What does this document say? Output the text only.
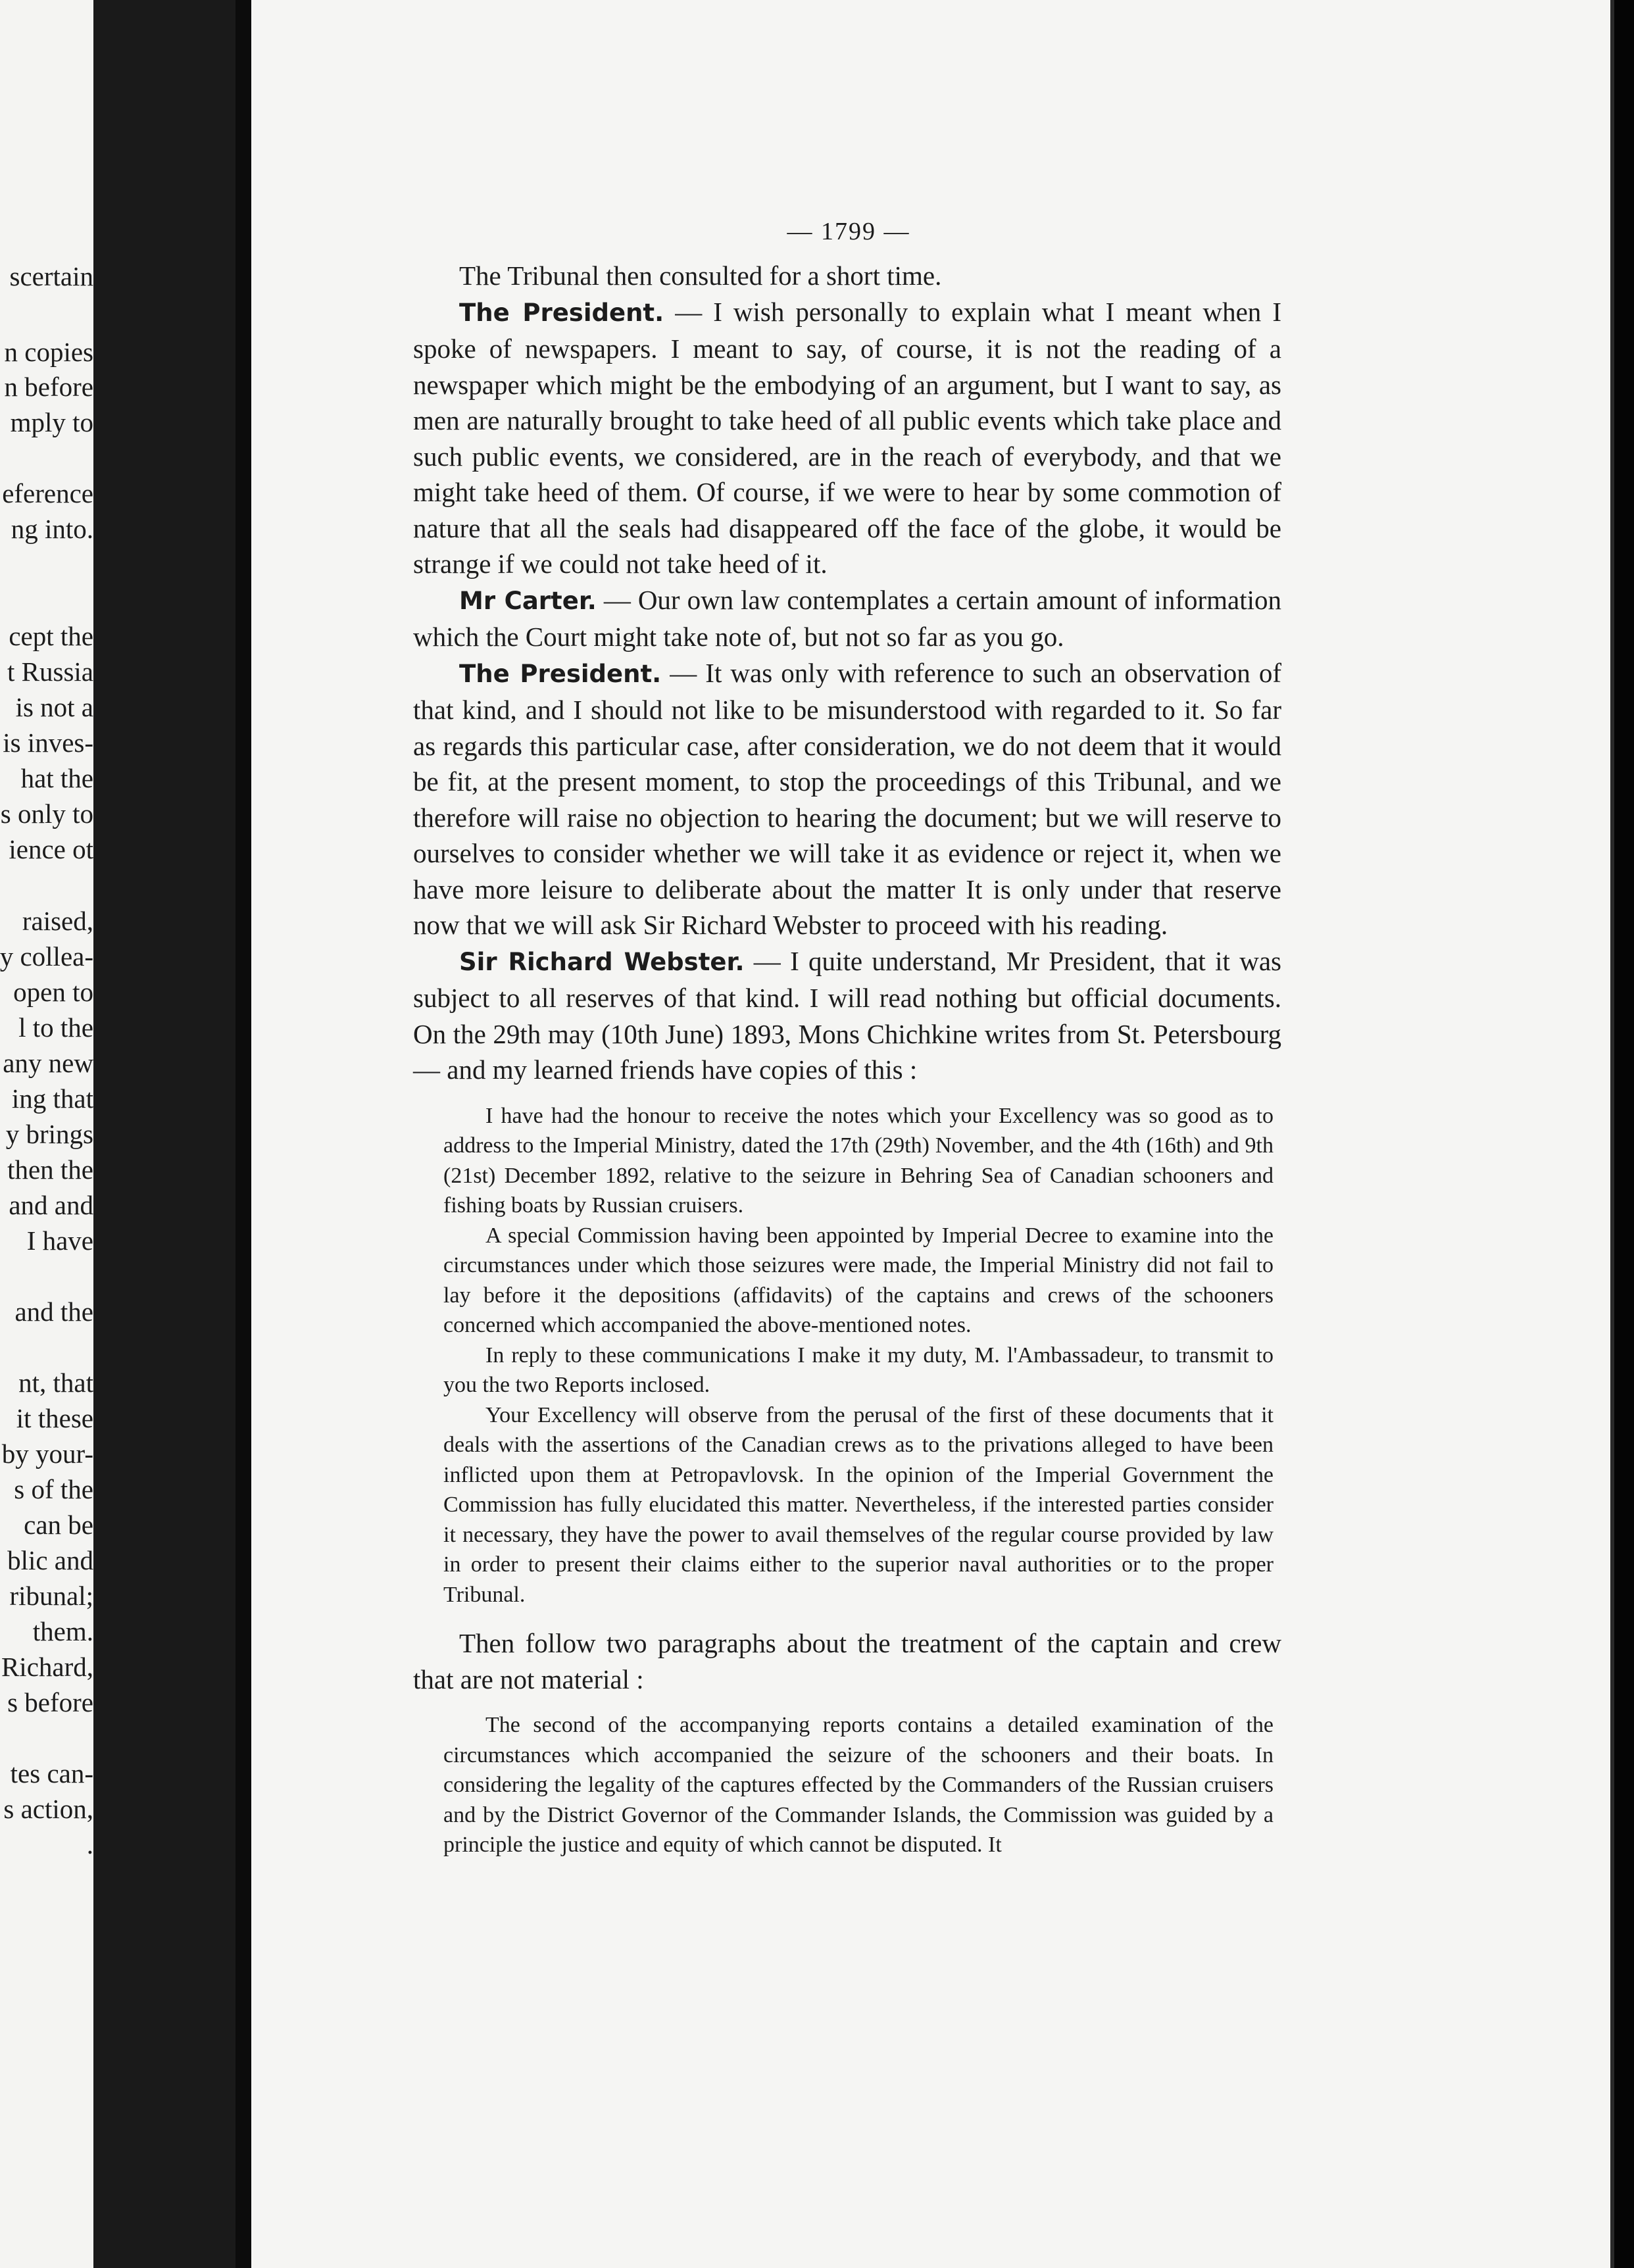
scertain
n copies
n before
mply to
eference
ng into.
cept the
t Russia
is not a
is inves-
hat the
s only to
ience ot
raised,
y collea-
open to
l to the
any new
ing that
y brings
then the
and and
I have
and the
nt, that
it these
by your-
s of the
can be
blic and
ribunal;
them.
Richard,
s before
tes can-
s action,
.
— 1799 —

The Tribunal then consulted for a short time.

The President. — I wish personally to explain what I meant when I spoke of newspapers. I meant to say, of course, it is not the reading of a newspaper which might be the embodying of an argument, but I want to say, as men are naturally brought to take heed of all public events which take place and such public events, we considered, are in the reach of everybody, and that we might take heed of them. Of course, if we were to hear by some commotion of nature that all the seals had disappeared off the face of the globe, it would be strange if we could not take heed of it.

Mr Carter. — Our own law contemplates a certain amount of information which the Court might take note of, but not so far as you go.

The President. — It was only with reference to such an observation of that kind, and I should not like to be misunderstood with regarded to it. So far as regards this particular case, after consideration, we do not deem that it would be fit, at the present moment, to stop the proceedings of this Tribunal, and we therefore will raise no objection to hearing the document; but we will reserve to ourselves to consider whether we will take it as evidence or reject it, when we have more leisure to deliberate about the matter It is only under that reserve now that we will ask Sir Richard Webster to proceed with his reading.

Sir Richard Webster. — I quite understand, Mr President, that it was subject to all reserves of that kind. I will read nothing but official documents. On the 29th may (10th June) 1893, Mons Chichkine writes from St. Petersbourg — and my learned friends have copies of this :

I have had the honour to receive the notes which your Excellency was so good as to address to the Imperial Ministry, dated the 17th (29th) November, and the 4th (16th) and 9th (21st) December 1892, relative to the seizure in Behring Sea of Canadian schooners and fishing boats by Russian cruisers.

A special Commission having been appointed by Imperial Decree to examine into the circumstances under which those seizures were made, the Imperial Ministry did not fail to lay before it the depositions (affidavits) of the captains and crews of the schooners concerned which accompanied the above-mentioned notes.

In reply to these communications I make it my duty, M. l'Ambassadeur, to transmit to you the two Reports inclosed.

Your Excellency will observe from the perusal of the first of these documents that it deals with the assertions of the Canadian crews as to the privations alleged to have been inflicted upon them at Petropavlovsk. In the opinion of the Imperial Government the Commission has fully elucidated this matter. Nevertheless, if the interested parties consider it necessary, they have the power to avail themselves of the regular course provided by law in order to present their claims either to the superior naval authorities or to the proper Tribunal.

Then follow two paragraphs about the treatment of the captain and crew that are not material :

The second of the accompanying reports contains a detailed examination of the circumstances which accompanied the seizure of the schooners and their boats. In considering the legality of the captures effected by the Commanders of the Russian cruisers and by the District Governor of the Commander Islands, the Commission was guided by a principle the justice and equity of which cannot be disputed. It
